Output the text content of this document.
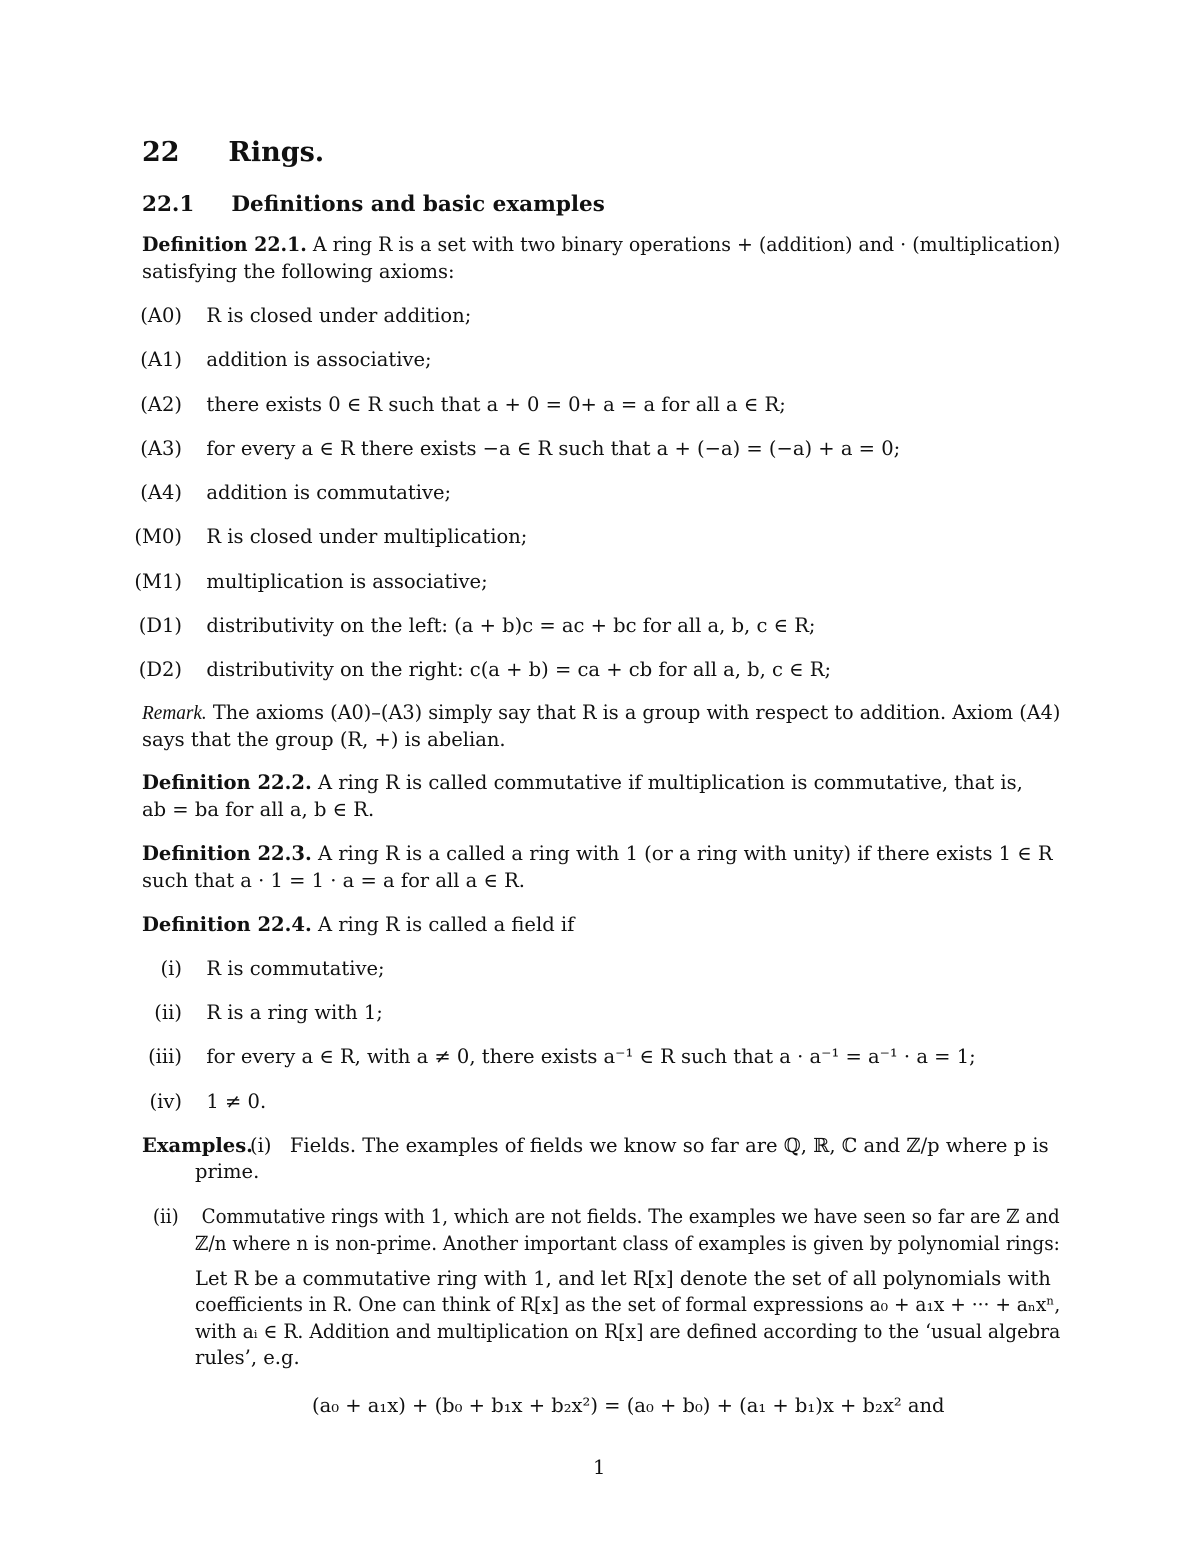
22 Rings.
22.1 Definitions and basic examples
Definition 22.1. A ring R is a set with two binary operations + (addition) and · (multiplication)
satisfying the following axioms:
(A0) R is closed under addition;
(A1) addition is associative;
(A2) there exists 0 ∈ R such that a + 0 = 0+ a = a for all a ∈ R;
(A3) for every a ∈ R there exists −a ∈ R such that a + (−a) = (−a) + a = 0;
(A4) addition is commutative;
(M0) R is closed under multiplication;
(M1) multiplication is associative;
(D1) distributivity on the left: (a + b)c = ac + bc for all a, b, c ∈ R;
(D2) distributivity on the right: c(a + b) = ca + cb for all a, b, c ∈ R;
Remark. The axioms (A0)–(A3) simply say that R is a group with respect to addition. Axiom (A4)
says that the group (R, +) is abelian.
Definition 22.2. A ring R is called commutative if multiplication is commutative, that is,
ab = ba for all a, b ∈ R.
Definition 22.3. A ring R is a called a ring with 1 (or a ring with unity) if there exists 1 ∈ R
such that a · 1 = 1 · a = a for all a ∈ R.
Definition 22.4. A ring R is called a field if
(i) R is commutative;
(ii) R is a ring with 1;
(iii) for every a ∈ R, with a ≠ 0, there exists a⁻¹ ∈ R such that a · a⁻¹ = a⁻¹ · a = 1;
(iv) 1 ≠ 0.
Examples.
(i) Fields. The examples of fields we know so far are ℚ, ℝ, ℂ and ℤ/p where p is
prime.
(ii) Commutative rings with 1, which are not fields. The examples we have seen so far are ℤ and
ℤ/n where n is non-prime. Another important class of examples is given by polynomial rings:
Let R be a commutative ring with 1, and let R[x] denote the set of all polynomials with
coefficients in R. One can think of R[x] as the set of formal expressions a₀ + a₁x + ··· + aₙxⁿ,
with aᵢ ∈ R. Addition and multiplication on R[x] are defined according to the ‘usual algebra
rules’, e.g.
(a₀ + a₁x) + (b₀ + b₁x + b₂x²) = (a₀ + b₀) + (a₁ + b₁)x + b₂x² and
1
